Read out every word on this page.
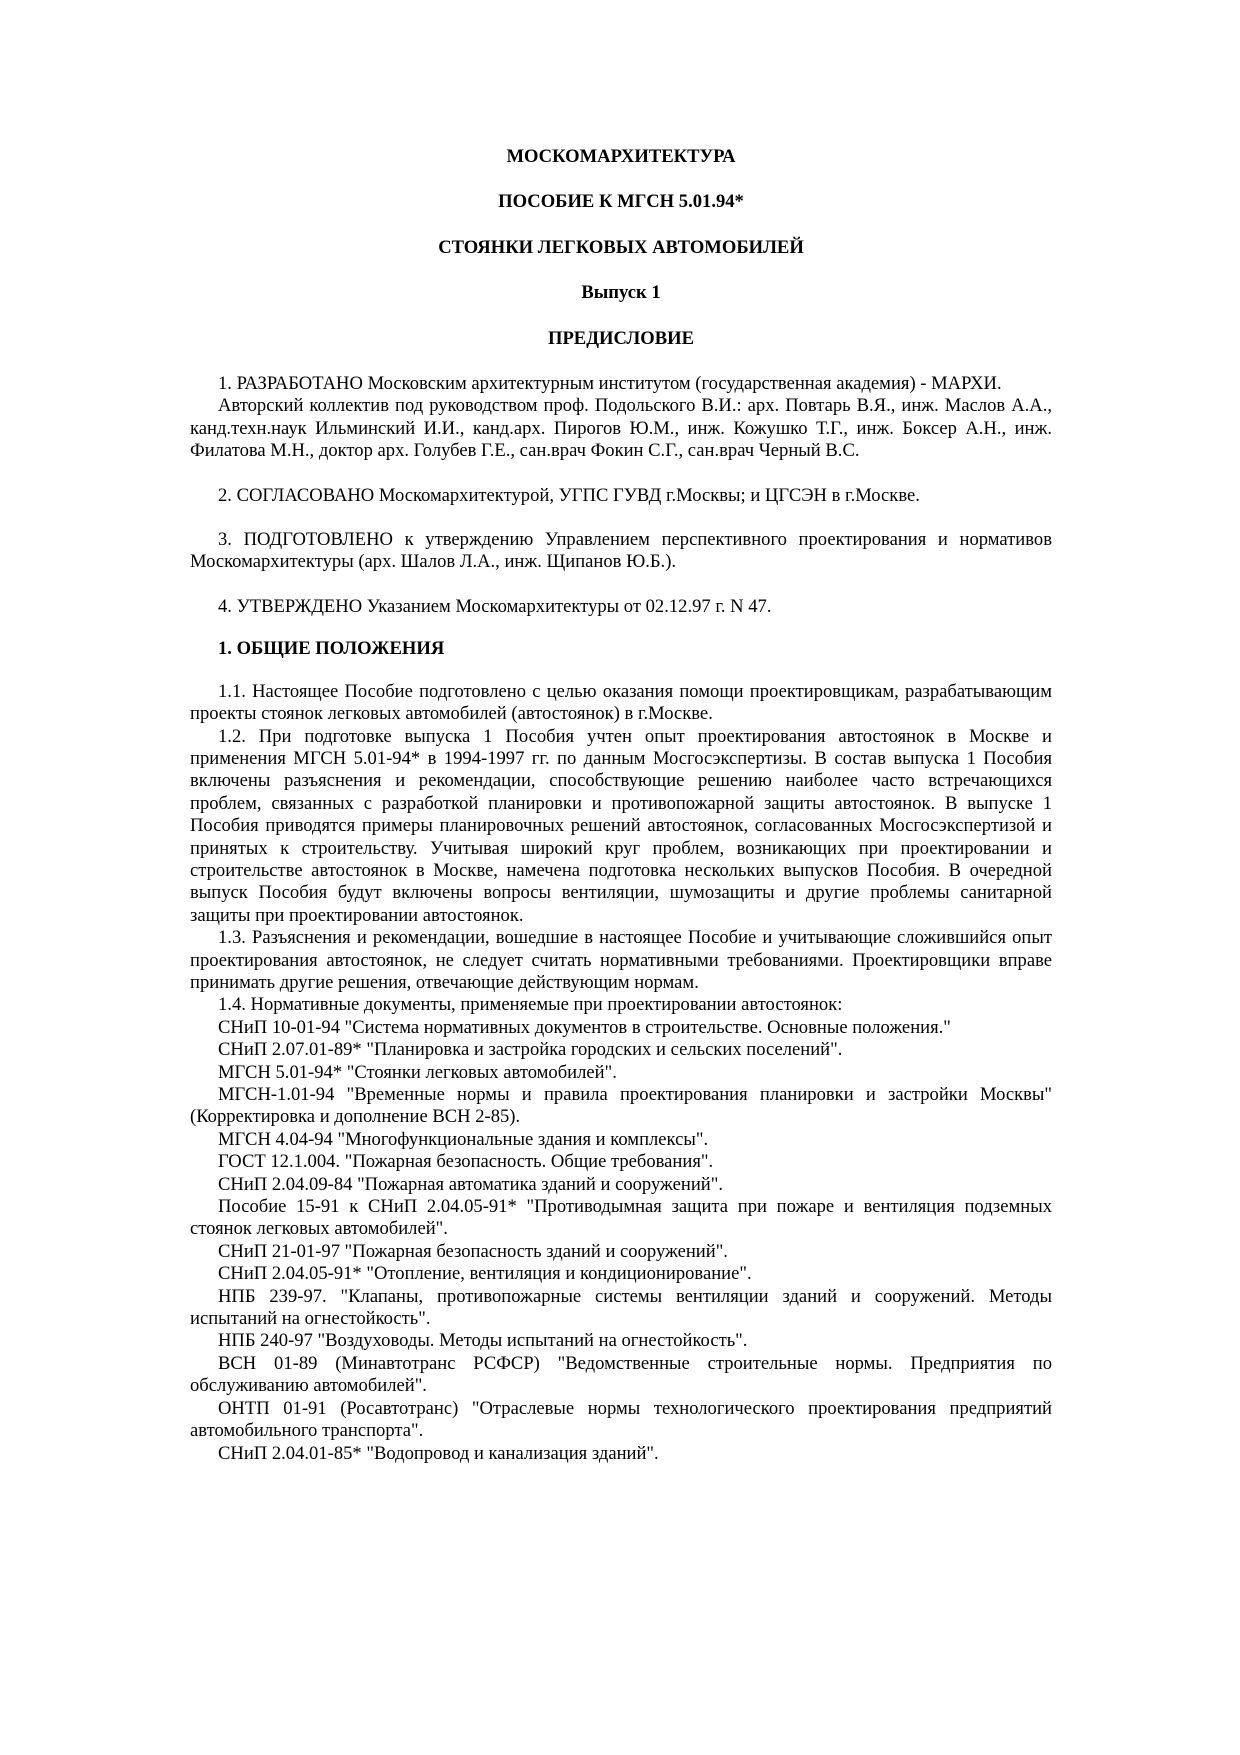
МОСКОМАРХИТЕКТУРА
ПОСОБИЕ К МГСН 5.01.94*
СТОЯНКИ ЛЕГКОВЫХ АВТОМОБИЛЕЙ
Выпуск 1
ПРЕДИСЛОВИЕ

1. РАЗРАБОТАНО Московским архитектурным институтом (государственная академия) - МАРХИ.

Авторский коллектив под руководством проф. Подольского В.И.: арх. Повтарь В.Я., инж. Маслов А.А., канд.техн.наук Ильминский И.И., канд.арх. Пирогов Ю.М., инж. Кожушко Т.Г., инж. Боксер А.Н., инж. Филатова М.Н., доктор арх. Голубев Г.Е., сан.врач Фокин С.Г., сан.врач Черный В.С.

2. СОГЛАСОВАНО Москомархитектурой, УГПС ГУВД г.Москвы; и ЦГСЭН в г.Москве.

3. ПОДГОТОВЛЕНО к утверждению Управлением перспективного проектирования и нормативов Москомархитектуры (арх. Шалов Л.А., инж. Щипанов Ю.Б.).

4. УТВЕРЖДЕНО Указанием Москомархитектуры от 02.12.97 г. N 47.

1. ОБЩИЕ ПОЛОЖЕНИЯ

1.1. Настоящее Пособие подготовлено с целью оказания помощи проектировщикам, разрабатывающим проекты стоянок легковых автомобилей (автостоянок) в г.Москве.

1.2. При подготовке выпуска 1 Пособия учтен опыт проектирования автостоянок в Москве и применения МГСН 5.01-94* в 1994-1997 гг. по данным Мосгосэкспертизы. В состав выпуска 1 Пособия включены разъяснения и рекомендации, способствующие решению наиболее часто встречающихся проблем, связанных с разработкой планировки и противопожарной защиты автостоянок. В выпуске 1 Пособия приводятся примеры планировочных решений автостоянок, согласованных Мосгосэкспертизой и принятых к строительству. Учитывая широкий круг проблем, возникающих при проектировании и строительстве автостоянок в Москве, намечена подготовка нескольких выпусков Пособия. В очередной выпуск Пособия будут включены вопросы вентиляции, шумозащиты и другие проблемы санитарной защиты при проектировании автостоянок.

1.3. Разъяснения и рекомендации, вошедшие в настоящее Пособие и учитывающие сложившийся опыт проектирования автостоянок, не следует считать нормативными требованиями. Проектировщики вправе принимать другие решения, отвечающие действующим нормам.

1.4. Нормативные документы, применяемые при проектировании автостоянок:

СНиП 10-01-94 "Система нормативных документов в строительстве. Основные положения."

СНиП 2.07.01-89* "Планировка и застройка городских и сельских поселений".

МГСН 5.01-94* "Стоянки легковых автомобилей".

МГСН-1.01-94 "Временные нормы и правила проектирования планировки и застройки Москвы" (Корректировка и дополнение ВСН 2-85).

МГСН 4.04-94 "Многофункциональные здания и комплексы".

ГОСТ 12.1.004. "Пожарная безопасность. Общие требования".

СНиП 2.04.09-84 "Пожарная автоматика зданий и сооружений".

Пособие 15-91 к СНиП 2.04.05-91* "Противодымная защита при пожаре и вентиляция подземных стоянок легковых автомобилей".

СНиП 21-01-97 "Пожарная безопасность зданий и сооружений".

СНиП 2.04.05-91* "Отопление, вентиляция и кондиционирование".

НПБ 239-97. "Клапаны, противопожарные системы вентиляции зданий и сооружений. Методы испытаний на огнестойкость".

НПБ 240-97 "Воздуховоды. Методы испытаний на огнестойкость".

ВСН 01-89 (Минавтотранс РСФСР) "Ведомственные строительные нормы. Предприятия по обслуживанию автомобилей".

ОНТП 01-91 (Росавтотранс) "Отраслевые нормы технологического проектирования предприятий автомобильного транспорта".

СНиП 2.04.01-85* "Водопровод и канализация зданий".
